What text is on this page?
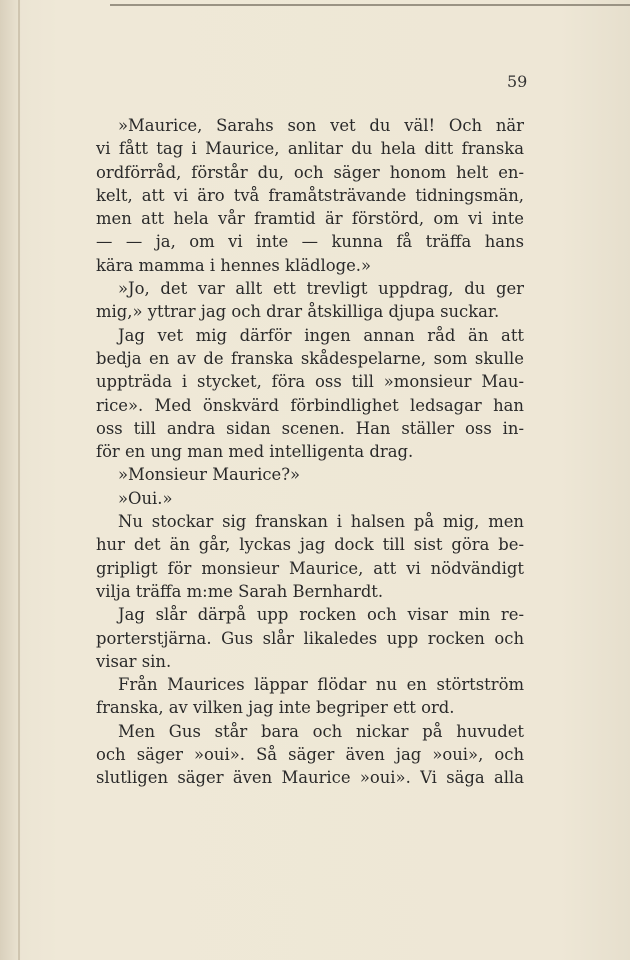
59
»Maurice, Sarahs son vet du väl! Och när
vi fått tag i Maurice, anlitar du hela ditt franska
ordförråd, förstår du, och säger honom helt en-
kelt, att vi äro två framåtsträvande tidningsmän,
men att hela vår framtid är förstörd, om vi inte
— — ja, om vi inte — kunna få träffa hans
kära mamma i hennes klädloge.»
»Jo, det var allt ett trevligt uppdrag, du ger
mig,» yttrar jag och drar åtskilliga djupa suckar.
Jag vet mig därför ingen annan råd än att
bedja en av de franska skådespelarne, som skulle
uppträda i stycket, föra oss till »monsieur Mau-
rice». Med önskvärd förbindlighet ledsagar han
oss till andra sidan scenen. Han ställer oss in-
för en ung man med intelligenta drag.
»Monsieur Maurice?»
»Oui.»
Nu stockar sig franskan i halsen på mig, men
hur det än går, lyckas jag dock till sist göra be-
gripligt för monsieur Maurice, att vi nödvändigt
vilja träffa m:me Sarah Bernhardt.
Jag slår därpå upp rocken och visar min re-
porterstjärna. Gus slår likaledes upp rocken och
visar sin.
Från Maurices läppar flödar nu en störtström
franska, av vilken jag inte begriper ett ord.
Men Gus står bara och nickar på huvudet
och säger »oui». Så säger även jag »oui», och
slutligen säger även Maurice »oui». Vi säga alla
